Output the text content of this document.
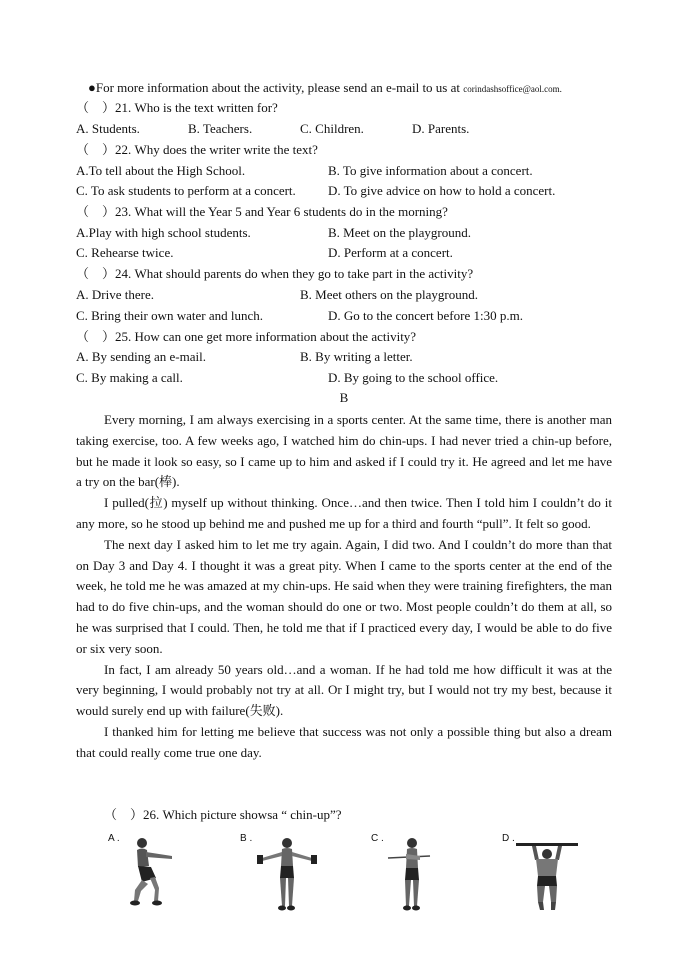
●For more information about the activity, please send an e-mail to us at corindashsoffice@aol.com.
（　）21. Who is the text written for?
A. Students.	B. Teachers.	C. Children.	D. Parents.
（　）22. Why does the writer write the text?
A.To tell about the High School.	B. To give information about a concert.
C. To ask students to perform at a concert. D. To give advice on how to hold a concert.
（　）23. What will the Year 5 and Year 6 students do in the morning?
A.Play with high school students.	B. Meet on the playground.
C. Rehearse twice.	D. Perform at a concert.
（　）24. What should parents do when they go to take part in the activity?
A. Drive there.	B. Meet others on the playground.
C. Bring their own water and lunch.	D. Go to the concert before 1:30 p.m.
（　）25. How can one get more information about the activity?
A. By sending an e-mail.	B. By writing a letter.
C. By making a call.	D. By going to the school office.
B

Every morning, I am always exercising in a sports center. At the same time, there is another man taking exercise, too. A few weeks ago, I watched him do chin-ups. I had never tried a chin-up before, but he made it look so easy, so I came up to him and asked if I could try it. He agreed and let me have a try on the bar(棒).

I pulled(拉) myself up without thinking. Once…and then twice. Then I told him I couldn’t do it any more, so he stood up behind me and pushed me up for a third and fourth “pull”. It felt so good.

The next day I asked him to let me try again. Again, I did two. And I couldn’t do more than that on Day 3 and Day 4. I thought it was a great pity. When I came to the sports center at the end of the week, he told me he was amazed at my chin-ups. He said when they were training firefighters, the man had to do five chin-ups, and the woman should do one or two. Most people couldn’t do them at all, so he was surprised that I could. Then, he told me that if I practiced every day, I would be able to do five or six very soon.

In fact, I am already 50 years old…and a woman. If he had told me how difficult it was at the very beginning, I would probably not try at all. Or I might try, but I would not try my best, because it would surely end up with failure(失败).

I thanked him for letting me believe that success was not only a possible thing but also a dream that could really come true one day.

（　）26. Which picture showsa “ chin-up”?
A .	B .	C .	D .
